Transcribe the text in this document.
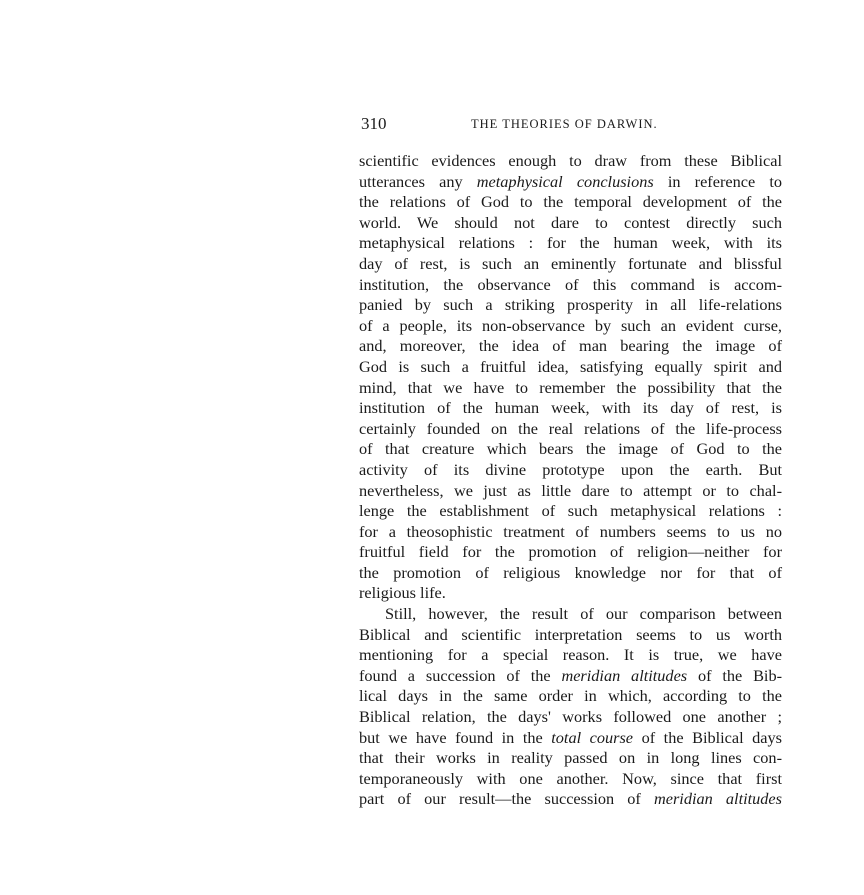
310	THE THEORIES OF DARWIN.
scientific evidences enough to draw from these Biblical
utterances any metaphysical conclusions in reference to
the relations of God to the temporal development of the
world. We should not dare to contest directly such
metaphysical relations : for the human week, with its
day of rest, is such an eminently fortunate and blissful
institution, the observance of this command is accom-
panied by such a striking prosperity in all life-relations
of a people, its non-observance by such an evident curse,
and, moreover, the idea of man bearing the image of
God is such a fruitful idea, satisfying equally spirit and
mind, that we have to remember the possibility that the
institution of the human week, with its day of rest, is
certainly founded on the real relations of the life-process
of that creature which bears the image of God to the
activity of its divine prototype upon the earth. But
nevertheless, we just as little dare to attempt or to chal-
lenge the establishment of such metaphysical relations :
for a theosophistic treatment of numbers seems to us no
fruitful field for the promotion of religion—neither for
the promotion of religious knowledge nor for that of
religious life.
Still, however, the result of our comparison between
Biblical and scientific interpretation seems to us worth
mentioning for a special reason. It is true, we have
found a succession of the meridian altitudes of the Bib-
lical days in the same order in which, according to the
Biblical relation, the days' works followed one another ;
but we have found in the total course of the Biblical days
that their works in reality passed on in long lines con-
temporaneously with one another. Now, since that first
part of our result—the succession of meridian altitudes
